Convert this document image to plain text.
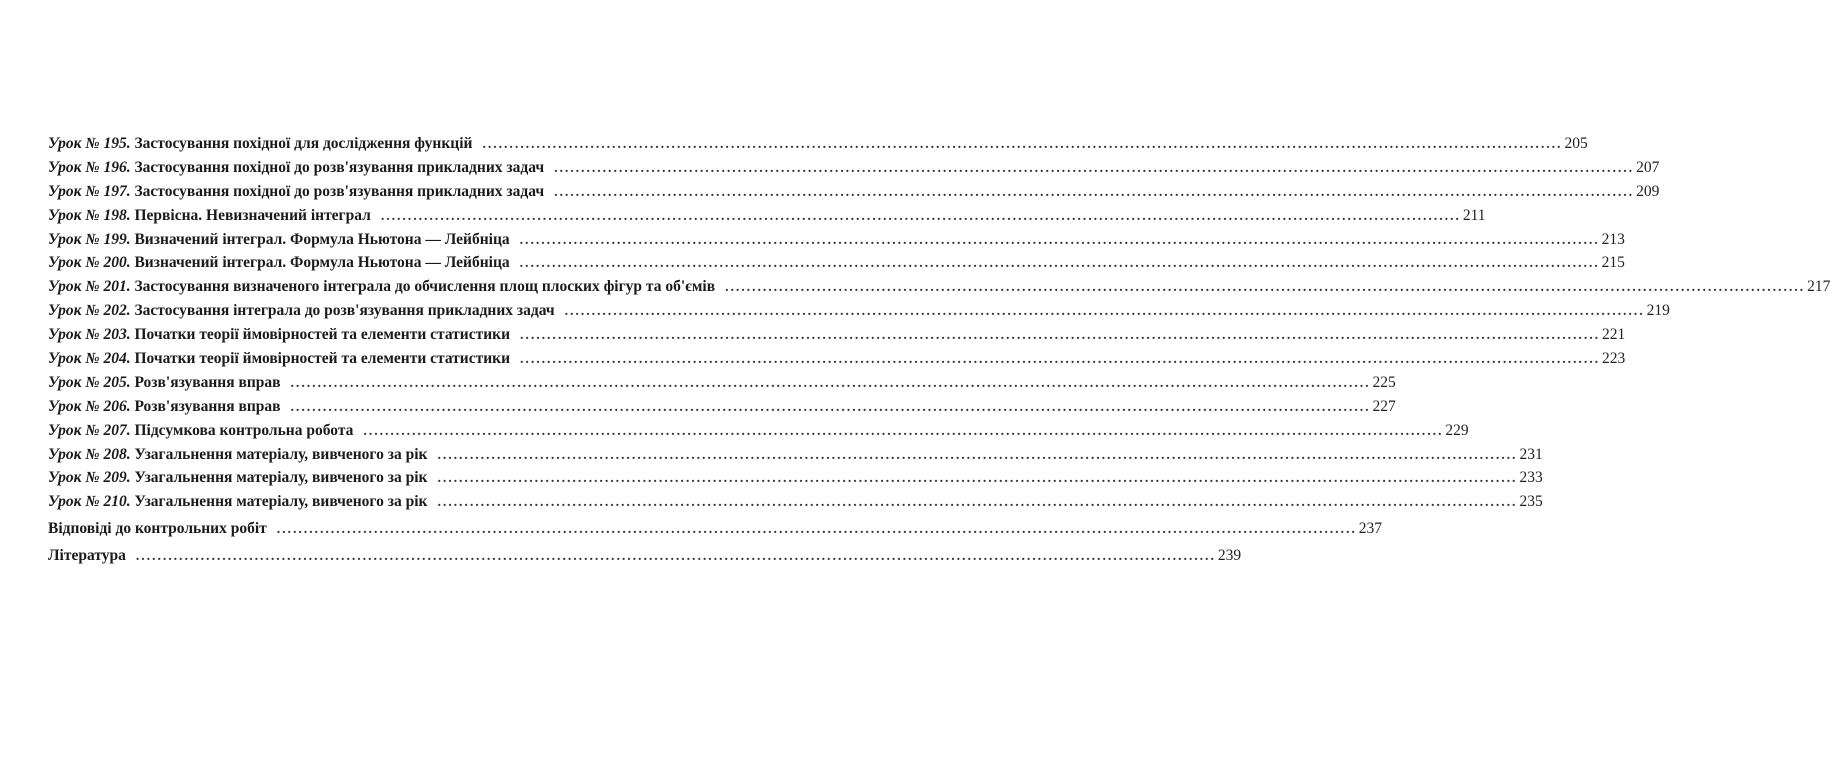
Урок № 195. Застосування похідної для дослідження функцій ........................................................................................................................................................................................................ 205
Урок № 196. Застосування похідної до розв'язування прикладних задач ........................................................................................................................................................................................................ 207
Урок № 197. Застосування похідної до розв'язування прикладних задач ........................................................................................................................................................................................................ 209
Урок № 198. Первісна. Невизначений інтеграл ........................................................................................................................................................................................................ 211
Урок № 199. Визначений інтеграл. Формула Ньютона — Лейбніца ........................................................................................................................................................................................................ 213
Урок № 200. Визначений інтеграл. Формула Ньютона — Лейбніца ........................................................................................................................................................................................................ 215
Урок № 201. Застосування визначеного інтеграла до обчислення площ плоских фігур та об'ємів ........................................................................................................................................................................................................ 217
Урок № 202. Застосування інтеграла до розв'язування прикладних задач ........................................................................................................................................................................................................ 219
Урок № 203. Початки теорії ймовірностей та елементи статистики ........................................................................................................................................................................................................ 221
Урок № 204. Початки теорії ймовірностей та елементи статистики ........................................................................................................................................................................................................ 223
Урок № 205. Розв'язування вправ ........................................................................................................................................................................................................ 225
Урок № 206. Розв'язування вправ ........................................................................................................................................................................................................ 227
Урок № 207. Підсумкова контрольна робота ........................................................................................................................................................................................................ 229
Урок № 208. Узагальнення матеріалу, вивченого за рік ........................................................................................................................................................................................................ 231
Урок № 209. Узагальнення матеріалу, вивченого за рік ........................................................................................................................................................................................................ 233
Урок № 210. Узагальнення матеріалу, вивченого за рік ........................................................................................................................................................................................................ 235
Відповіді до контрольних робіт ........................................................................................................................................................................................................ 237
Література ........................................................................................................................................................................................................ 239
